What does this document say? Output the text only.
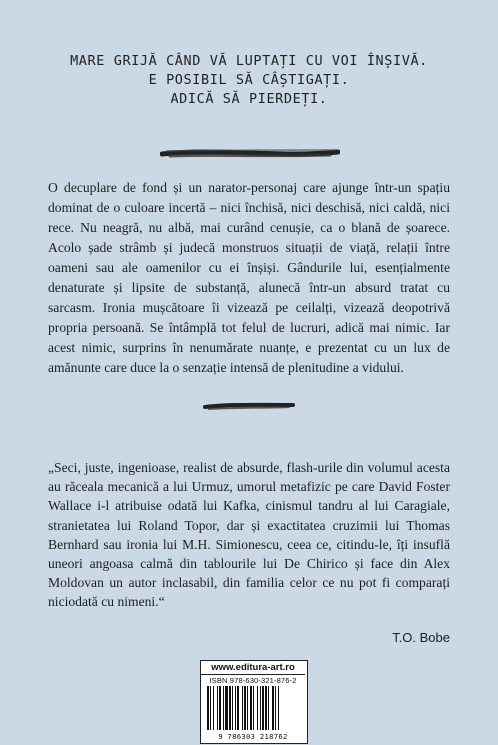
MARE GRIJĂ CÂND VĂ LUPTAȚI CU VOI ÎNȘIVĂ.
E POSIBIL SĂ CÂȘTIGAȚI.
ADICĂ SĂ PIERDEȚI.
O decuplare de fond și un narator-personaj care ajunge într-un spațiu dominat de o culoare incertă – nici închisă, nici deschisă, nici caldă, nici rece. Nu neagră, nu albă, mai curând cenușie, ca o blană de șoarece. Acolo șade strâmb și judecă monstruos situații de viață, relații între oameni sau ale oamenilor cu ei înșiși. Gândurile lui, esențialmente denaturate și lipsite de substanță, alunecă într-un absurd tratat cu sarcasm. Ironia mușcătoare îi vizează pe ceilalți, vizează deopotrivă propria persoană. Se întâmplă tot felul de lucruri, adică mai nimic. Iar acest nimic, surprins în nenumărate nuanțe, e prezentat cu un lux de amănunte care duce la o senzație intensă de plenitudine a vidului.
„Seci, juste, ingenioase, realist de absurde, flash-urile din volumul acesta au răceala mecanică a lui Urmuz, umorul metafizic pe care David Foster Wallace i-l atribuise odată lui Kafka, cinismul tandru al lui Caragiale, stranietatea lui Roland Topor, dar și exactitatea cruzimii lui Thomas Bernhard sau ironia lui M.H. Simionescu, ceea ce, citindu-le, îți insuflă uneori angoasa calmă din tablourile lui De Chirico și face din Alex Moldovan un autor inclasabil, din familia celor ce nu pot fi comparați niciodată cu nimeni.“
T.O. Bobe
www.editura-art.ro
ISBN 978-630-321-876-2
9 786303 218762
